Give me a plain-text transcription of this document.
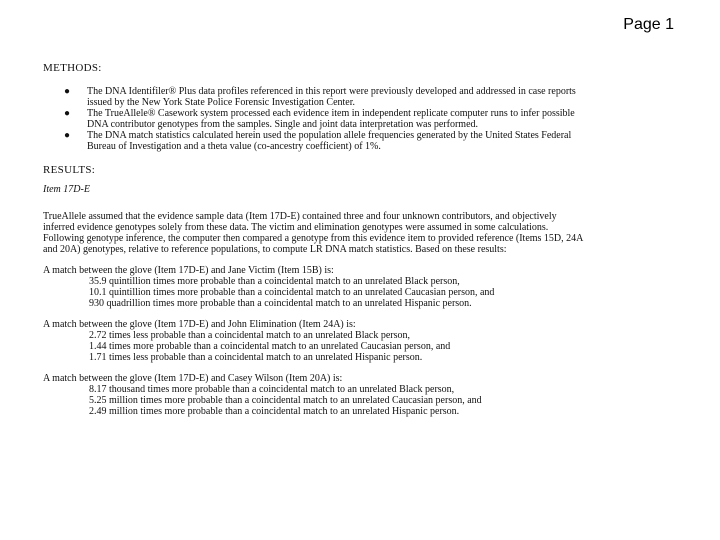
Page 1
METHODS:
● The DNA Identifiler® Plus data profiles referenced in this report were previously developed and addressed in case reports
issued by the New York State Police Forensic Investigation Center.
● The TrueAllele® Casework system processed each evidence item in independent replicate computer runs to infer possible
DNA contributor genotypes from the samples. Single and joint data interpretation was performed.
● The DNA match statistics calculated herein used the population allele frequencies generated by the United States Federal
Bureau of Investigation and a theta value (co-ancestry coefficient) of 1%.
RESULTS:
Item 17D-E
TrueAllele assumed that the evidence sample data (Item 17D-E) contained three and four unknown contributors, and objectively
inferred evidence genotypes solely from these data. The victim and elimination genotypes were assumed in some calculations.
Following genotype inference, the computer then compared a genotype from this evidence item to provided reference (Items 15D, 24A
and 20A) genotypes, relative to reference populations, to compute LR DNA match statistics. Based on these results:
A match between the glove (Item 17D-E) and Jane Victim (Item 15B) is:
35.9 quintillion times more probable than a coincidental match to an unrelated Black person,
10.1 quintillion times more probable than a coincidental match to an unrelated Caucasian person, and
930 quadrillion times more probable than a coincidental match to an unrelated Hispanic person.
A match between the glove (Item 17D-E) and John Elimination (Item 24A) is:
2.72 times less probable than a coincidental match to an unrelated Black person,
1.44 times more probable than a coincidental match to an unrelated Caucasian person, and
1.71 times less probable than a coincidental match to an unrelated Hispanic person.
A match between the glove (Item 17D-E) and Casey Wilson (Item 20A) is:
8.17 thousand times more probable than a coincidental match to an unrelated Black person,
5.25 million times more probable than a coincidental match to an unrelated Caucasian person, and
2.49 million times more probable than a coincidental match to an unrelated Hispanic person.
